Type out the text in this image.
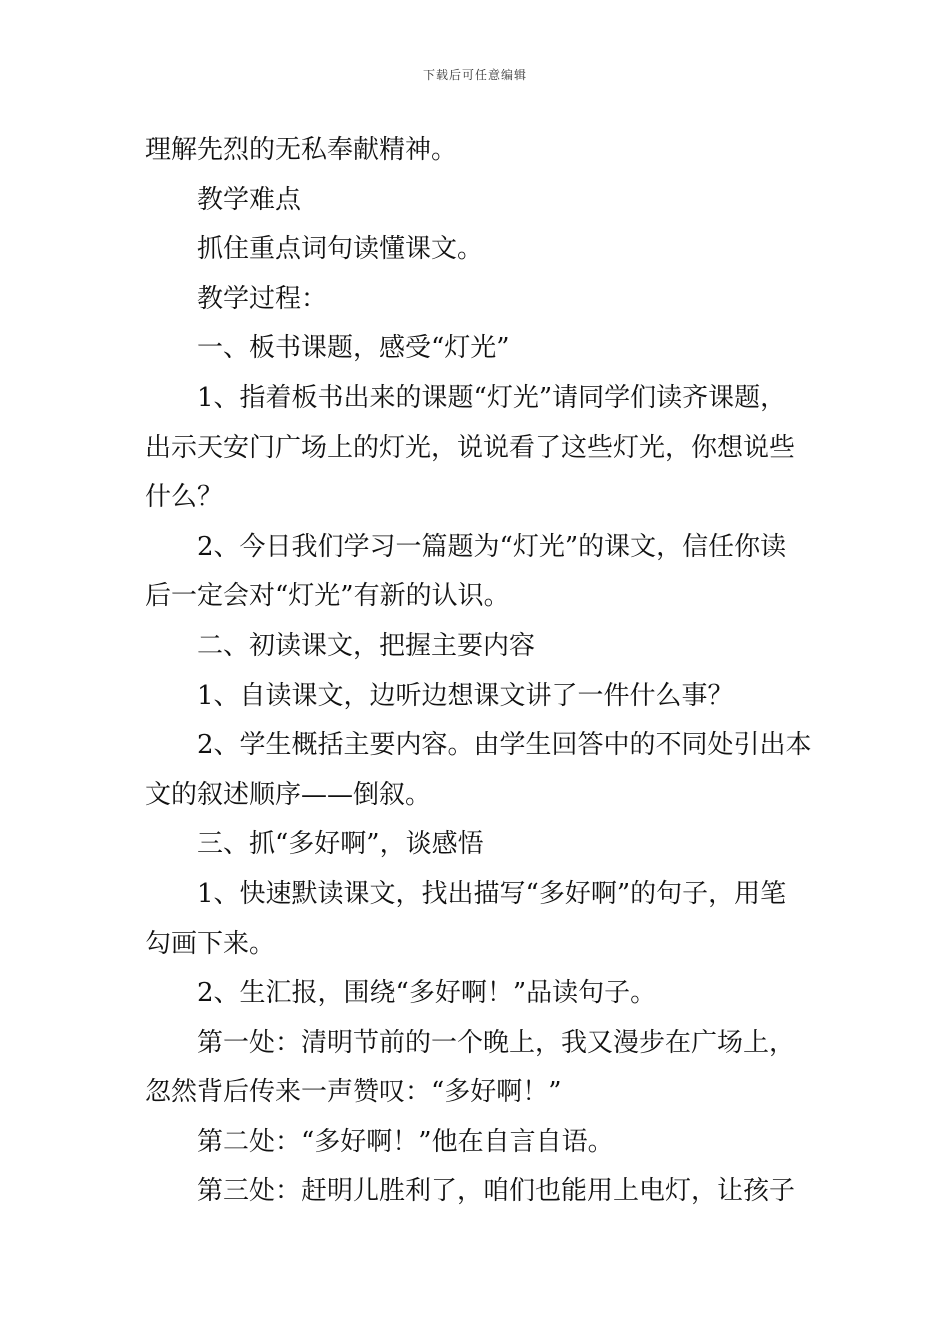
下载后可任意编辑
理解先烈的无私奉献精神。
教学难点
抓住重点词句读懂课文。
教学过程：
一、板书课题，感受“灯光”
1、指着板书出来的课题“灯光”请同学们读齐课题，
出示天安门广场上的灯光，说说看了这些灯光，你想说些
什么？
2、今日我们学习一篇题为“灯光”的课文，信任你读
后一定会对“灯光”有新的认识。
二、初读课文，把握主要内容
1、自读课文，边听边想课文讲了一件什么事？
2、学生概括主要内容。由学生回答中的不同处引出本
文的叙述顺序——倒叙。
三、抓“多好啊”，谈感悟
1、快速默读课文，找出描写“多好啊”的句子，用笔
勾画下来。
2、生汇报，围绕“多好啊！”品读句子。
第一处：清明节前的一个晚上，我又漫步在广场上，
忽然背后传来一声赞叹：“多好啊！”
第二处：“多好啊！”他在自言自语。
第三处：赶明儿胜利了，咱们也能用上电灯，让孩子
